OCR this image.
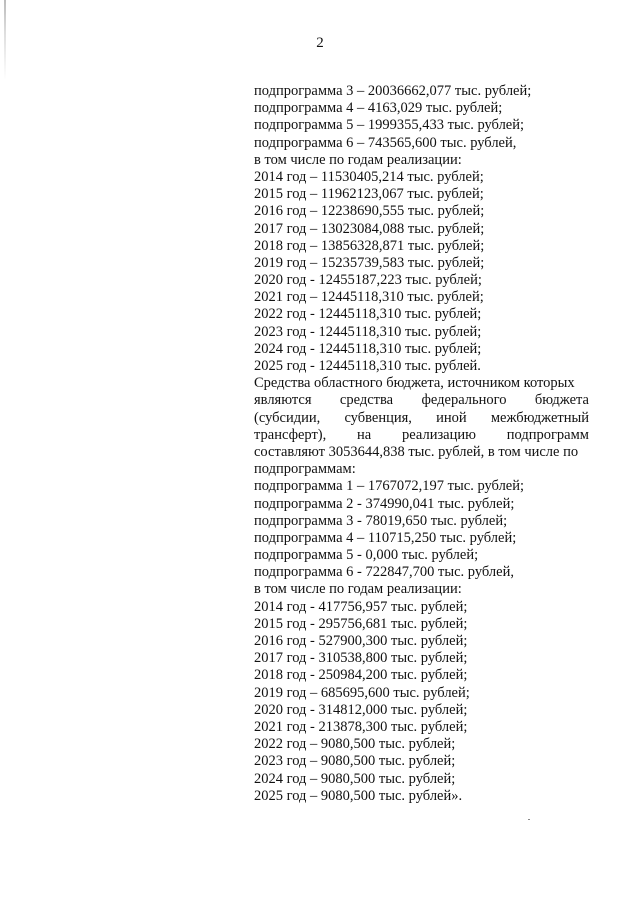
2
подпрограмма 3 – 20036662,077 тыс. рублей;
подпрограмма 4 – 4163,029 тыс. рублей;
подпрограмма 5 – 1999355,433 тыс. рублей;
подпрограмма 6 – 743565,600 тыс. рублей,
в том числе по годам реализации:
2014 год – 11530405,214 тыс. рублей;
2015 год – 11962123,067 тыс. рублей;
2016 год – 12238690,555 тыс. рублей;
2017 год – 13023084,088 тыс. рублей;
2018 год – 13856328,871 тыс. рублей;
2019 год – 15235739,583 тыс. рублей;
2020 год - 12455187,223 тыс. рублей;
2021 год – 12445118,310 тыс. рублей;
2022 год - 12445118,310 тыс. рублей;
2023 год - 12445118,310 тыс. рублей;
2024 год - 12445118,310 тыс. рублей;
2025 год - 12445118,310 тыс. рублей.
Средства областного бюджета, источником которых
являются средства федерального бюджета
(субсидии, субвенция, иной межбюджетный
трансферт), на реализацию подпрограмм
составляют 3053644,838 тыс. рублей, в том числе по
подпрограммам:
подпрограмма 1 – 1767072,197 тыс. рублей;
подпрограмма 2 - 374990,041 тыс. рублей;
подпрограмма 3 - 78019,650 тыс. рублей;
подпрограмма 4 – 110715,250 тыс. рублей;
подпрограмма 5 - 0,000 тыс. рублей;
подпрограмма 6 - 722847,700 тыс. рублей,
в том числе по годам реализации:
2014 год - 417756,957 тыс. рублей;
2015 год - 295756,681 тыс. рублей;
2016 год - 527900,300 тыс. рублей;
2017 год - 310538,800 тыс. рублей;
2018 год - 250984,200 тыс. рублей;
2019 год – 685695,600 тыс. рублей;
2020 год - 314812,000 тыс. рублей;
2021 год - 213878,300 тыс. рублей;
2022 год – 9080,500 тыс. рублей;
2023 год – 9080,500 тыс. рублей;
2024 год – 9080,500 тыс. рублей;
2025 год – 9080,500 тыс. рублей».
